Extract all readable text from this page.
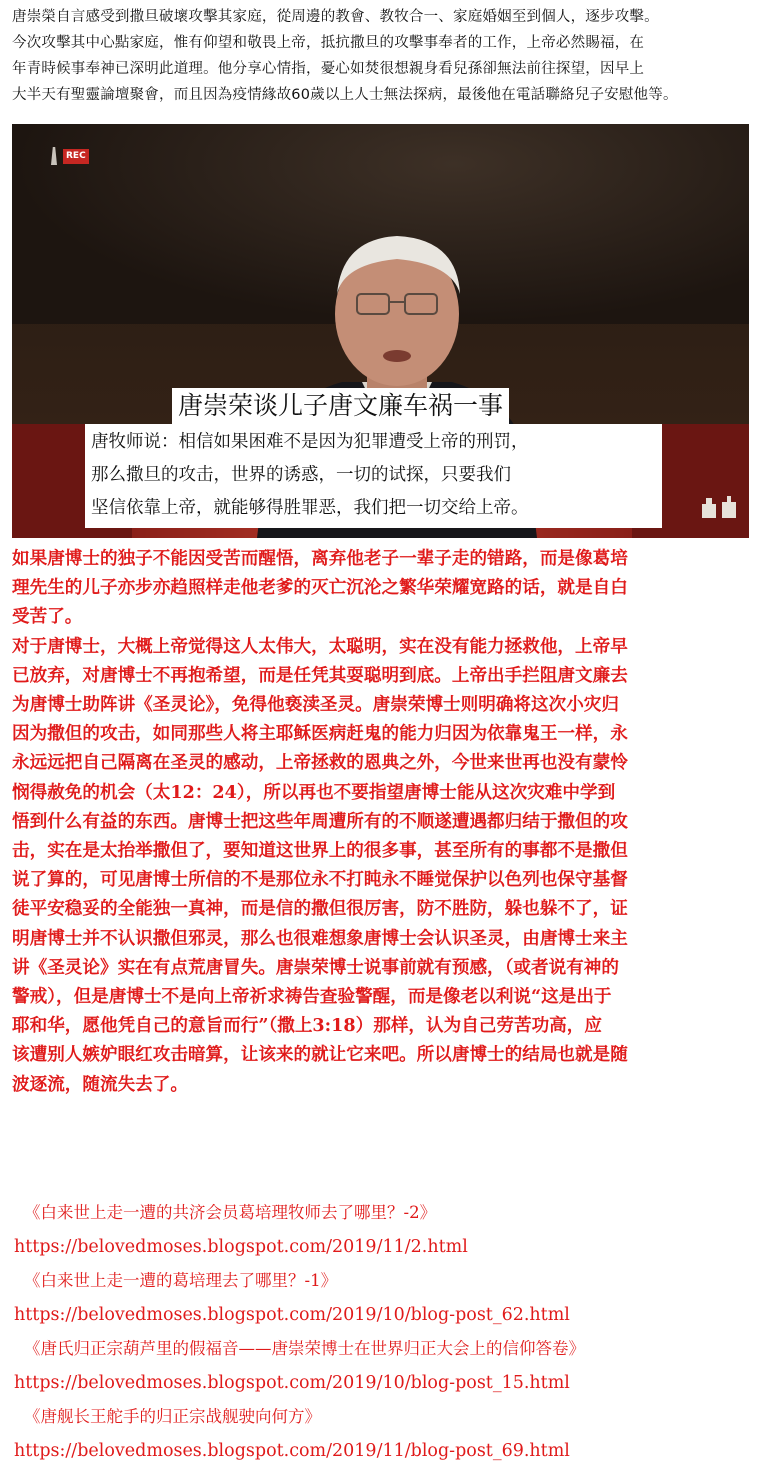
唐崇榮自言感受到撒旦破壞攻擊其家庭，從周邊的教會、教牧合一、家庭婚姻至到個人，逐步攻擊。

今次攻擊其中心點家庭，惟有仰望和敬畏上帝，抵抗撒旦的攻擊事奉者的工作，上帝必然賜福，在

年青時候事奉神已深明此道理。他分享心情指，憂心如焚很想親身看兒孫卻無法前往探望，因早上

大半天有聖靈論壇聚會，而且因為疫情緣故60歲以上人士無法探病，最後他在電話聯絡兒子安慰他等。

REC
唐崇荣谈儿子唐文廉车祸一事

唐牧师说：相信如果困难不是因为犯罪遭受上帝的刑罚，

那么撒旦的攻击，世界的诱惑，一切的试探，只要我们

坚信依靠上帝，就能够得胜罪恶，我们把一切交给上帝。

如果唐博士的独子不能因受苦而醒悟，离弃他老子一辈子走的错路，而是像葛培

理先生的儿子亦步亦趋照样走他老爹的灭亡沉沦之繁华荣耀宽路的话，就是自白

受苦了。

对于唐博士，大概上帝觉得这人太伟大，太聪明，实在没有能力拯救他，上帝早

已放弃，对唐博士不再抱希望，而是任凭其耍聪明到底。上帝出手拦阻唐文廉去

为唐博士助阵讲《圣灵论》，免得他亵渎圣灵。唐崇荣博士则明确将这次小灾归

因为撒但的攻击，如同那些人将主耶稣医病赶鬼的能力归因为依靠鬼王一样，永

永远远把自己隔离在圣灵的感动，上帝拯救的恩典之外，今世来世再也没有蒙怜

悯得赦免的机会（太12：24），所以再也不要指望唐博士能从这次灾难中学到

悟到什么有益的东西。唐博士把这些年周遭所有的不顺遂遭遇都归结于撒但的攻

击，实在是太抬举撒但了，要知道这世界上的很多事，甚至所有的事都不是撒但

说了算的，可见唐博士所信的不是那位永不打盹永不睡觉保护以色列也保守基督

徒平安稳妥的全能独一真神，而是信的撒但很厉害，防不胜防，躲也躲不了，证

明唐博士并不认识撒但邪灵，那么也很难想象唐博士会认识圣灵，由唐博士来主

讲《圣灵论》实在有点荒唐冒失。唐崇荣博士说事前就有预感，（或者说有神的

警戒），但是唐博士不是向上帝祈求祷告查验警醒，而是像老以利说“这是出于

耶和华，愿他凭自己的意旨而行”（撒上3:18）那样，认为自己劳苦功高，应

该遭别人嫉妒眼红攻击暗算，让该来的就让它来吧。所以唐博士的结局也就是随

波逐流，随流失去了。

《白来世上走一遭的共济会员葛培理牧师去了哪里？-2》
https://belovedmoses.blogspot.com/2019/11/2.html
《白来世上走一遭的葛培理去了哪里？-1》
https://belovedmoses.blogspot.com/2019/10/blog-post_62.html
《唐氏归正宗葫芦里的假福音——唐崇荣博士在世界归正大会上的信仰答卷》
https://belovedmoses.blogspot.com/2019/10/blog-post_15.html
《唐舰长王舵手的归正宗战舰驶向何方》
https://belovedmoses.blogspot.com/2019/11/blog-post_69.html
